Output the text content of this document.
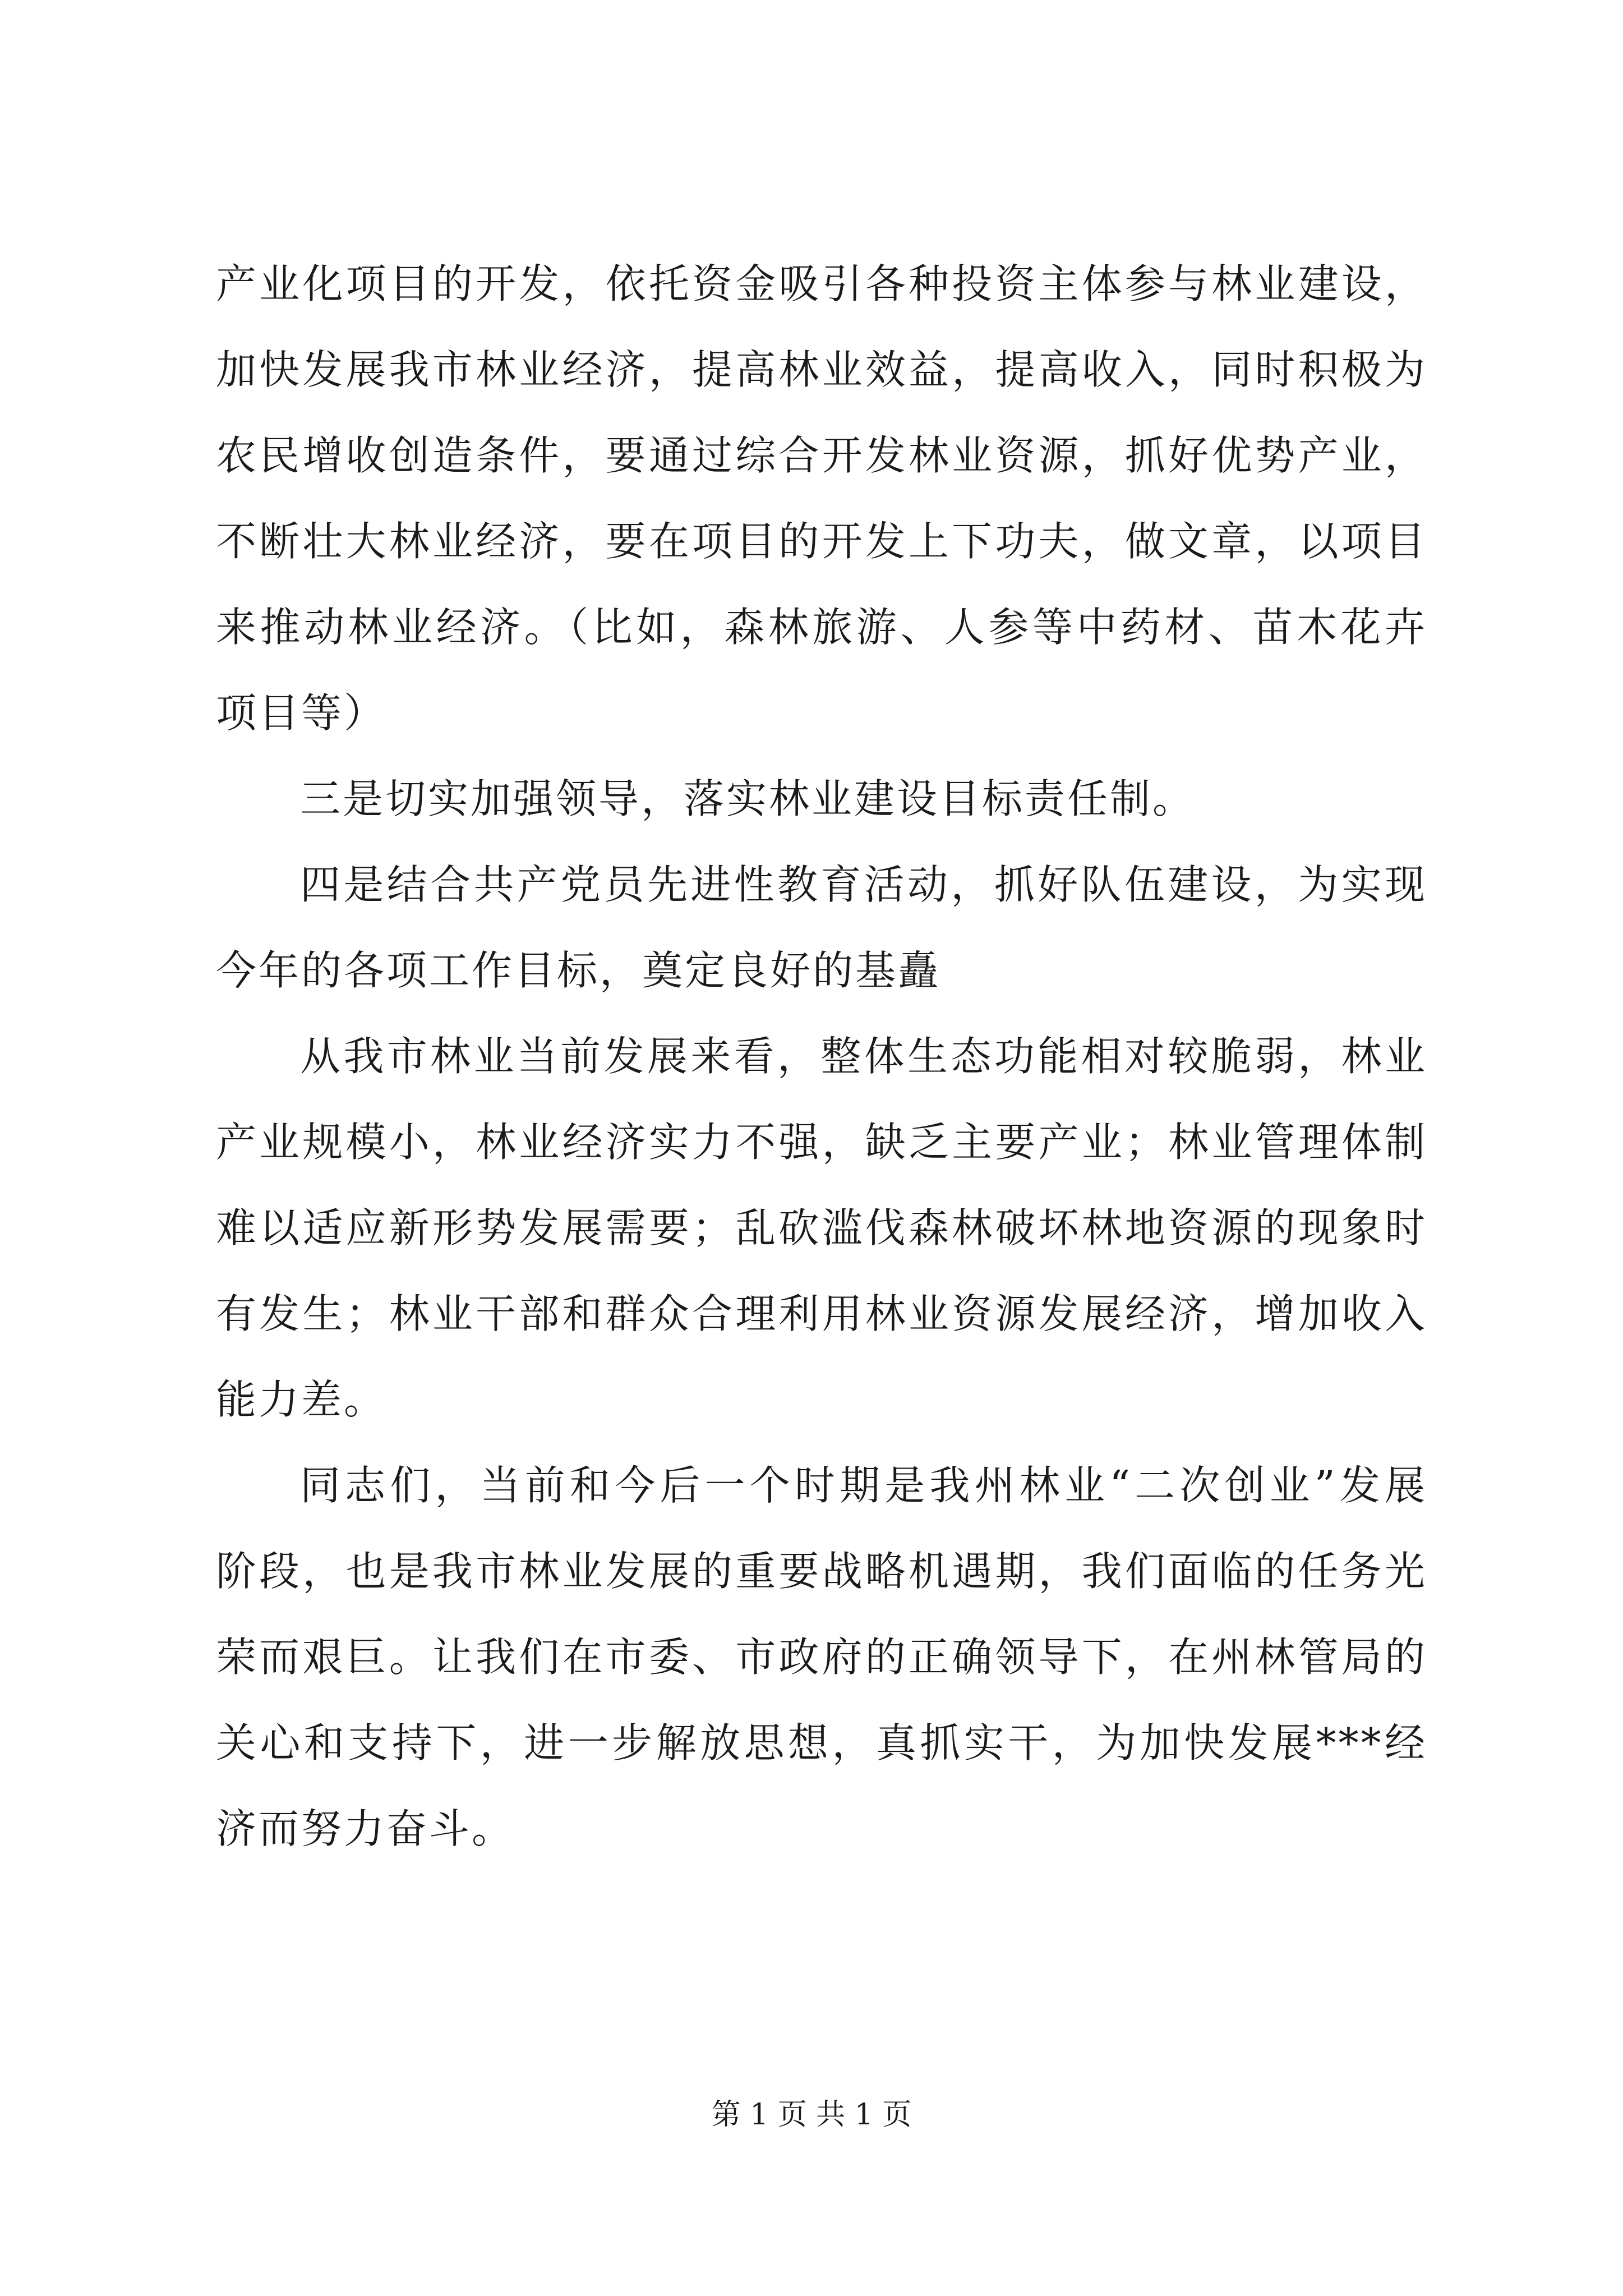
产业化项目的开发，依托资金吸引各种投资主体参与林业建设，
加快发展我市林业经济，提高林业效益，提高收入，同时积极为
农民增收创造条件，要通过综合开发林业资源，抓好优势产业，
不断壮大林业经济，要在项目的开发上下功夫，做文章，以项目
来推动林业经济。（比如，森林旅游、人参等中药材、苗木花卉
项目等）
三是切实加强领导，落实林业建设目标责任制。
四是结合共产党员先进性教育活动，抓好队伍建设，为实现
今年的各项工作目标，奠定良好的基矗
从我市林业当前发展来看，整体生态功能相对较脆弱，林业
产业规模小，林业经济实力不强，缺乏主要产业；林业管理体制
难以适应新形势发展需要；乱砍滥伐森林破坏林地资源的现象时
有发生；林业干部和群众合理利用林业资源发展经济，增加收入
能力差。
同志们，当前和今后一个时期是我州林业“二次创业”发展
阶段，也是我市林业发展的重要战略机遇期，我们面临的任务光
荣而艰巨。让我们在市委、市政府的正确领导下，在州林管局的
关心和支持下，进一步解放思想，真抓实干，为加快发展***经
济而努力奋斗。
第 1 页 共 1 页
